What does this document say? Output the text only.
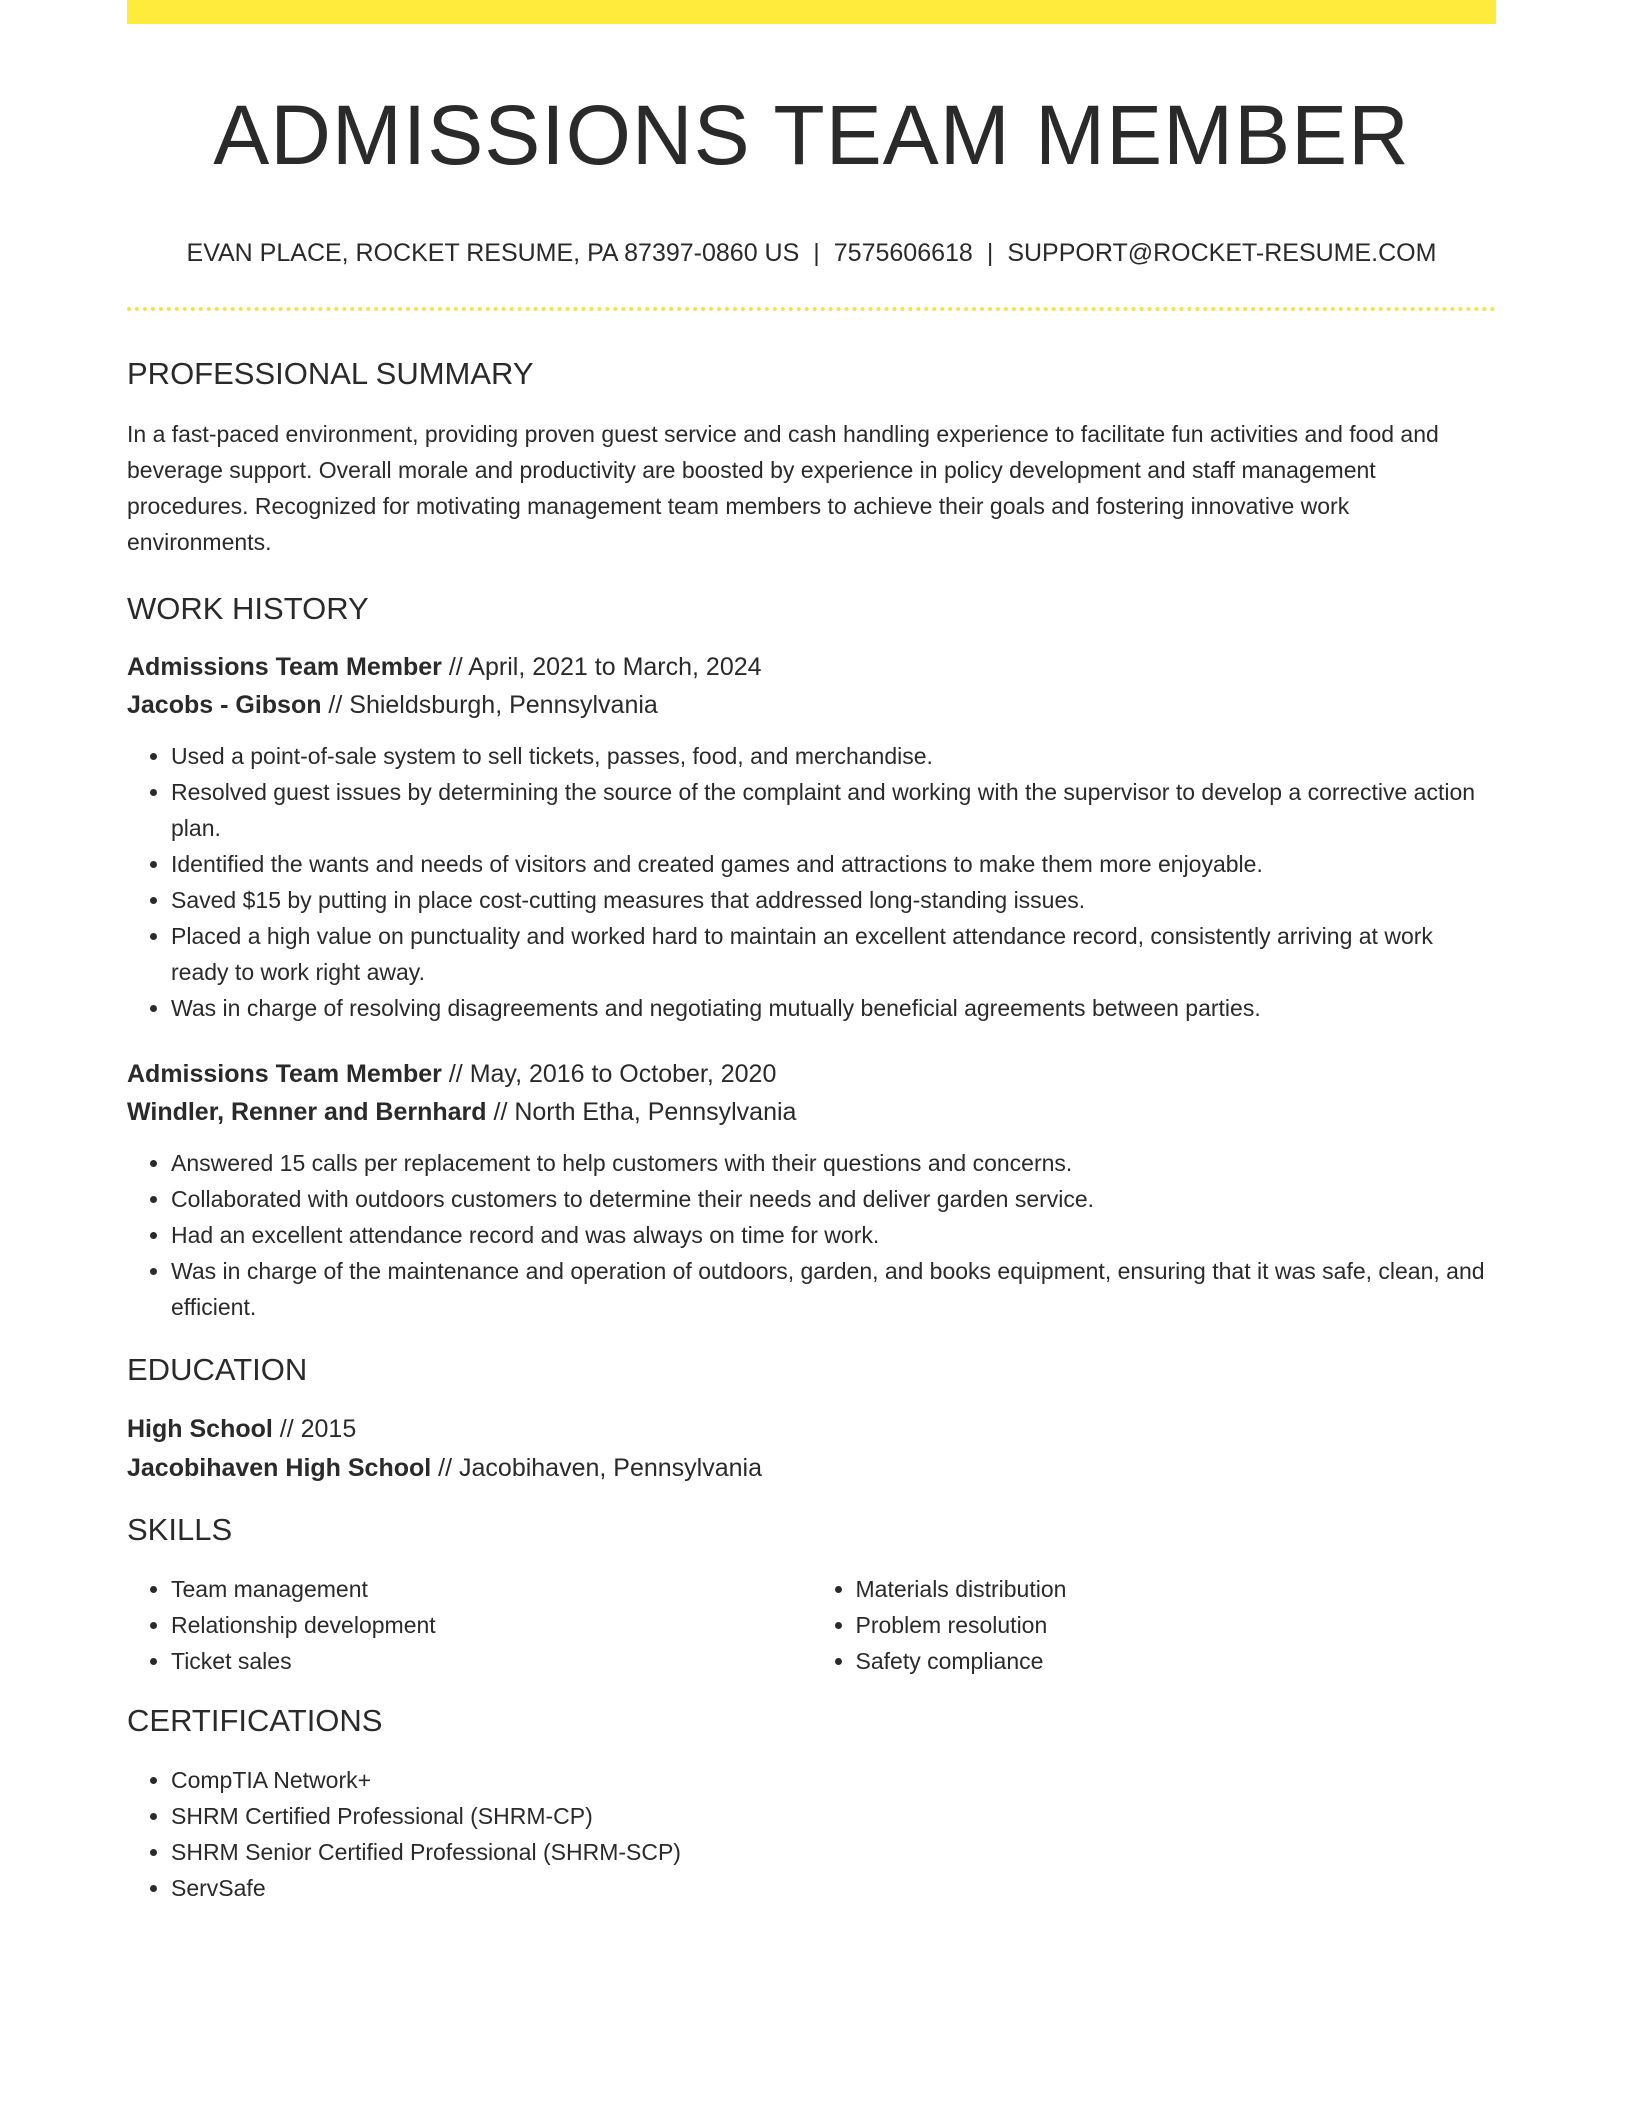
ADMISSIONS TEAM MEMBER
EVAN PLACE, ROCKET RESUME, PA 87397-0860 US | 7575606618 | SUPPORT@ROCKET-RESUME.COM
PROFESSIONAL SUMMARY

In a fast-paced environment, providing proven guest service and cash handling experience to facilitate fun activities and food and beverage support. Overall morale and productivity are boosted by experience in policy development and staff management procedures. Recognized for motivating management team members to achieve their goals and fostering innovative work environments.

WORK HISTORY
Admissions Team Member // April, 2021 to March, 2024
Jacobs - Gibson // Shieldsburgh, Pennsylvania
• Used a point-of-sale system to sell tickets, passes, food, and merchandise.
• Resolved guest issues by determining the source of the complaint and working with the supervisor to develop a corrective action plan.
• Identified the wants and needs of visitors and created games and attractions to make them more enjoyable.
• Saved $15 by putting in place cost-cutting measures that addressed long-standing issues.
• Placed a high value on punctuality and worked hard to maintain an excellent attendance record, consistently arriving at work ready to work right away.
• Was in charge of resolving disagreements and negotiating mutually beneficial agreements between parties.
Admissions Team Member // May, 2016 to October, 2020
Windler, Renner and Bernhard // North Etha, Pennsylvania
• Answered 15 calls per replacement to help customers with their questions and concerns.
• Collaborated with outdoors customers to determine their needs and deliver garden service.
• Had an excellent attendance record and was always on time for work.
• Was in charge of the maintenance and operation of outdoors, garden, and books equipment, ensuring that it was safe, clean, and efficient.
EDUCATION
High School // 2015
Jacobihaven High School // Jacobihaven, Pennsylvania
SKILLS
• Team management
• Relationship development
• Ticket sales
• Materials distribution
• Problem resolution
• Safety compliance
CERTIFICATIONS
• CompTIA Network+
• SHRM Certified Professional (SHRM-CP)
• SHRM Senior Certified Professional (SHRM-SCP)
• ServSafe
